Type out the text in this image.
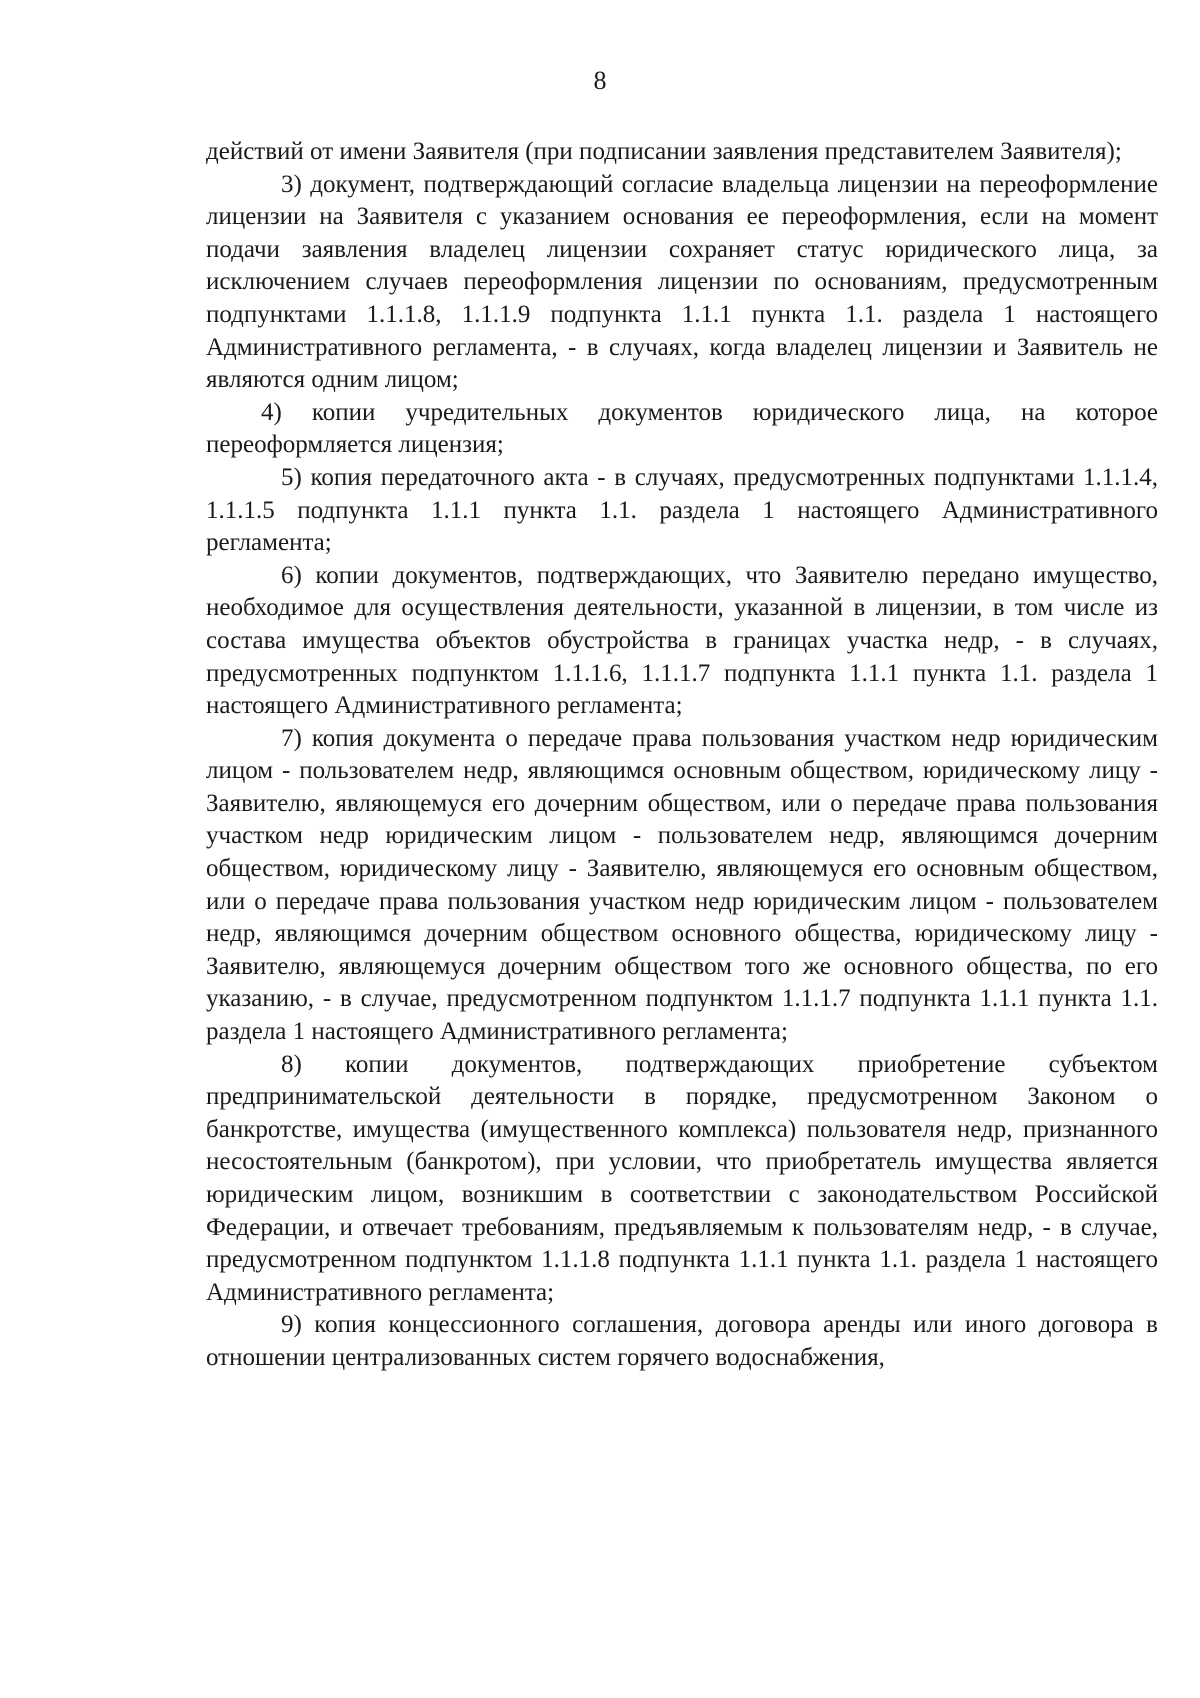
8

действий от имени Заявителя (при подписании заявления представителем Заявителя);

3) документ, подтверждающий согласие владельца лицензии на переоформление лицензии на Заявителя с указанием основания ее переоформления, если на момент подачи заявления владелец лицензии сохраняет статус юридического лица, за исключением случаев переоформления лицензии по основаниям, предусмотренным подпунктами 1.1.1.8, 1.1.1.9 подпункта 1.1.1 пункта 1.1. раздела 1 настоящего Административного регламента, - в случаях, когда владелец лицензии и Заявитель не являются одним лицом;

4) копии учредительных документов юридического лица, на которое переоформляется лицензия;

5) копия передаточного акта - в случаях, предусмотренных подпунктами 1.1.1.4, 1.1.1.5 подпункта 1.1.1 пункта 1.1. раздела 1 настоящего Административного регламента;

6) копии документов, подтверждающих, что Заявителю передано имущество, необходимое для осуществления деятельности, указанной в лицензии, в том числе из состава имущества объектов обустройства в границах участка недр, - в случаях, предусмотренных подпунктом 1.1.1.6, 1.1.1.7 подпункта 1.1.1 пункта 1.1. раздела 1 настоящего Административного регламента;

7) копия документа о передаче права пользования участком недр юридическим лицом - пользователем недр, являющимся основным обществом, юридическому лицу - Заявителю, являющемуся его дочерним обществом, или о передаче права пользования участком недр юридическим лицом - пользователем недр, являющимся дочерним обществом, юридическому лицу - Заявителю, являющемуся его основным обществом, или о передаче права пользования участком недр юридическим лицом - пользователем недр, являющимся дочерним обществом основного общества, юридическому лицу - Заявителю, являющемуся дочерним обществом того же основного общества, по его указанию, - в случае, предусмотренном подпунктом 1.1.1.7 подпункта 1.1.1 пункта 1.1. раздела 1 настоящего Административного регламента;

8) копии документов, подтверждающих приобретение субъектом предпринимательской деятельности в порядке, предусмотренном Законом о банкротстве, имущества (имущественного комплекса) пользователя недр, признанного несостоятельным (банкротом), при условии, что приобретатель имущества является юридическим лицом, возникшим в соответствии с законодательством Российской Федерации, и отвечает требованиям, предъявляемым к пользователям недр, - в случае, предусмотренном подпунктом 1.1.1.8 подпункта 1.1.1 пункта 1.1. раздела 1 настоящего Административного регламента;

9) копия концессионного соглашения, договора аренды или иного договора в отношении централизованных систем горячего водоснабжения,
